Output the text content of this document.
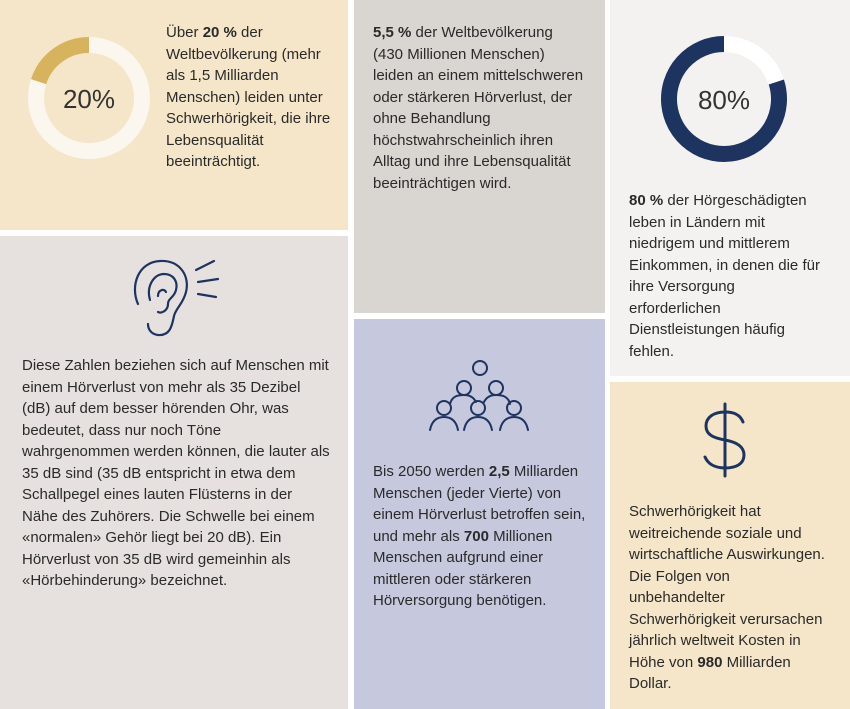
20%

Über 20 % der Weltbevölkerung (mehr als 1,5 Milliarden Menschen) leiden unter Schwerhörigkeit, die ihre Lebensqualität beeinträchtigt.

5,5 % der Weltbevölkerung (430 Millionen Menschen) leiden an einem mittelschweren oder stärkeren Hörverlust, der ohne Behandlung höchstwahrscheinlich ihren Alltag und ihre Lebensqualität beeinträchtigen wird.

80%

80 % der Hörgeschädigten leben in Ländern mit niedrigem und mittlerem Einkommen, in denen die für ihre Versorgung erforderlichen Dienstleistungen häufig fehlen.

Diese Zahlen beziehen sich auf Menschen mit einem Hörverlust von mehr als 35 Dezibel (dB) auf dem besser hörenden Ohr, was bedeutet, dass nur noch Töne wahrgenommen werden können, die lauter als 35 dB sind (35 dB entspricht in etwa dem Schallpegel eines lauten Flüsterns in der Nähe des Zuhörers. Die Schwelle bei einem «normalen» Gehör liegt bei 20 dB). Ein Hörverlust von 35 dB wird gemeinhin als «Hörbehinderung» bezeichnet.

Bis 2050 werden 2,5 Milliarden Menschen (jeder Vierte) von einem Hörverlust betroffen sein, und mehr als 700 Millionen Menschen aufgrund einer mittleren oder stärkeren Hörversorgung benötigen.

Schwerhörigkeit hat weitreichende soziale und wirtschaftliche Auswirkungen. Die Folgen von unbehandelter Schwerhörigkeit verursachen jährlich weltweit Kosten in Höhe von 980 Milliarden Dollar.
